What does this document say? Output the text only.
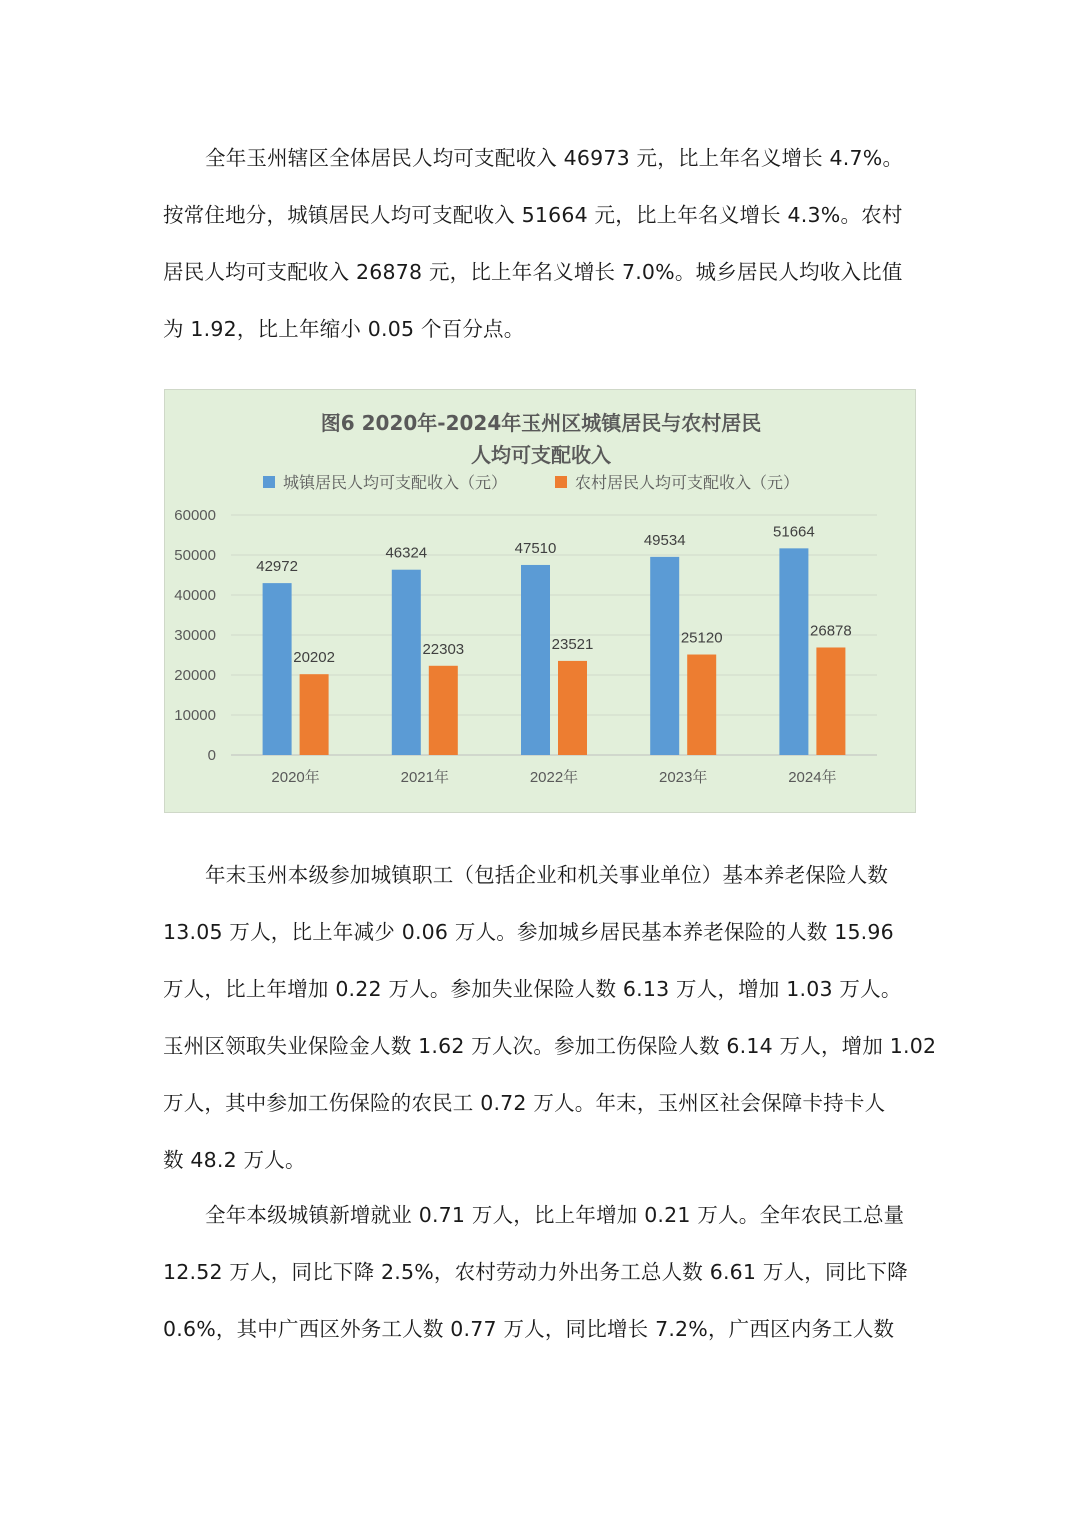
全年玉州辖区全体居民人均可支配收入 46973 元，比上年名义增长 4.7%。
按常住地分，城镇居民人均可支配收入 51664 元，比上年名义增长 4.3%。农村
居民人均可支配收入 26878 元，比上年名义增长 7.0%。城乡居民人均收入比值
为 1.92，比上年缩小 0.05 个百分点。
图6 2020年-2024年玉州区城镇居民与农村居民
人均可支配收入
城镇居民人均可支配收入（元）	农村居民人均可支配收入（元）
0
10000
20000
30000
40000
50000
60000
42972
20202
2020年
46324
22303
2021年
47510
23521
2022年
49534
25120
2023年
51664
26878
2024年
年末玉州本级参加城镇职工（包括企业和机关事业单位）基本养老保险人数
13.05 万人，比上年减少 0.06 万人。参加城乡居民基本养老保险的人数 15.96
万人，比上年增加 0.22 万人。参加失业保险人数 6.13 万人，增加 1.03 万人。
玉州区领取失业保险金人数 1.62 万人次。参加工伤保险人数 6.14 万人，增加 1.02
万人，其中参加工伤保险的农民工 0.72 万人。年末，玉州区社会保障卡持卡人
数 48.2 万人。
全年本级城镇新增就业 0.71 万人，比上年增加 0.21 万人。全年农民工总量
12.52 万人，同比下降 2.5%，农村劳动力外出务工总人数 6.61 万人，同比下降
0.6%，其中广西区外务工人数 0.77 万人，同比增长 7.2%，广西区内务工人数
